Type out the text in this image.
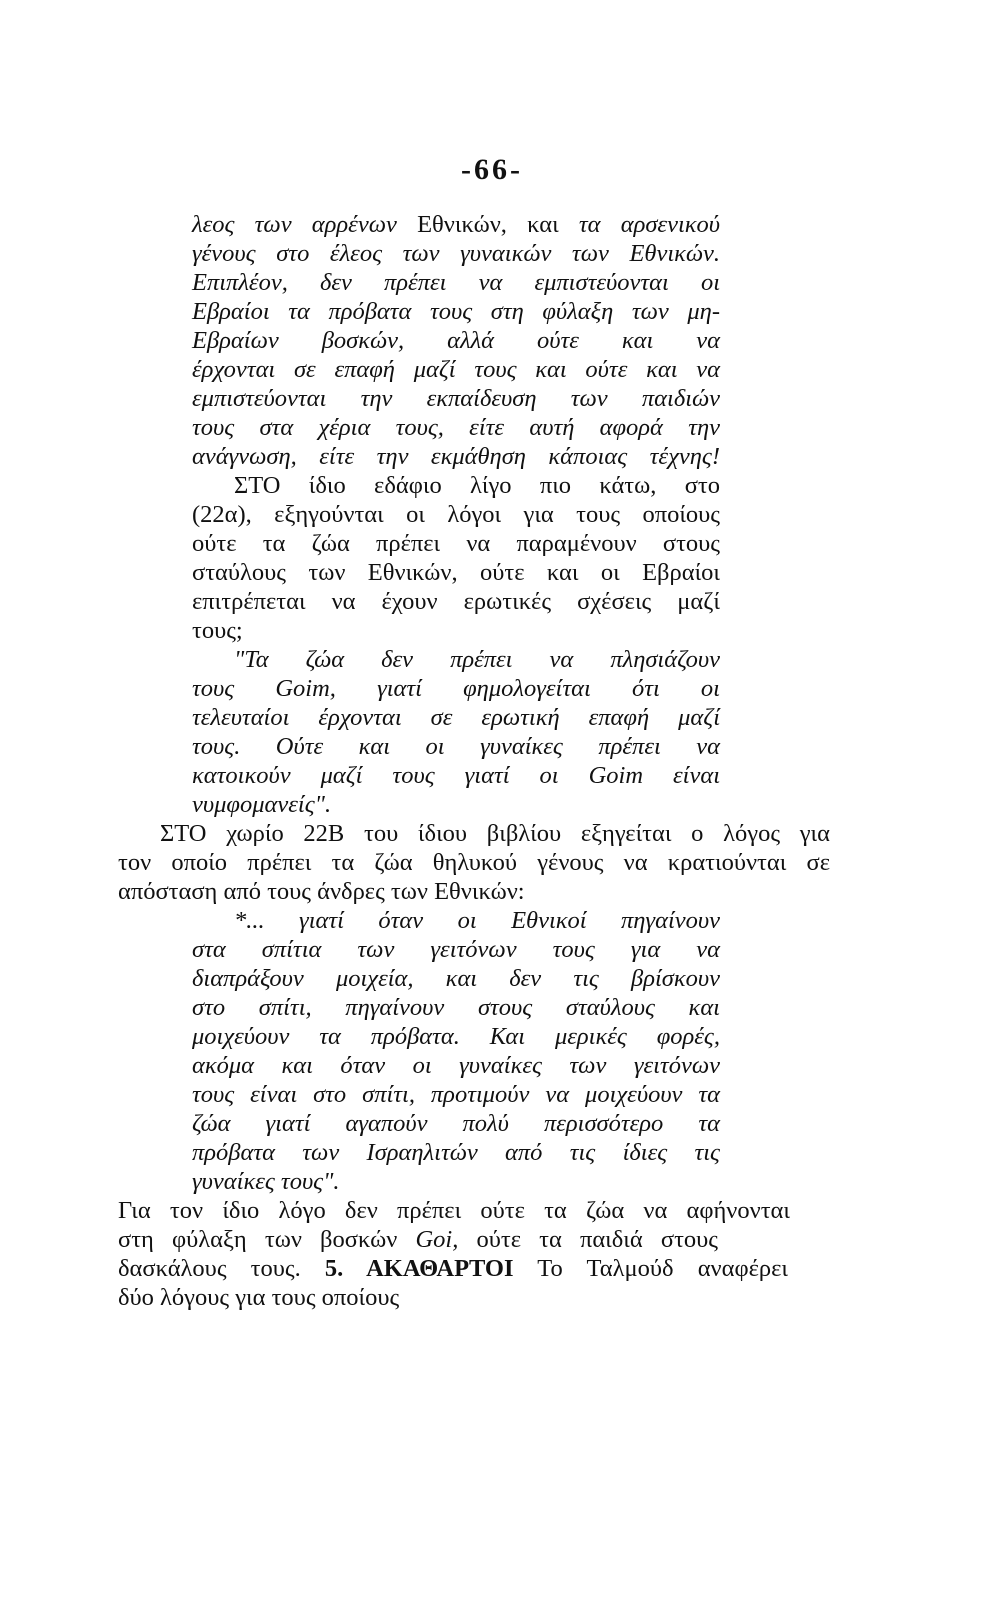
-66-
λεος των αρρένων Εθνικών, και τα αρσενικού
γένους στο έλεος των γυναικών των Εθνικών.
Επιπλέον, δεν πρέπει να εμπιστεύονται οι
Εβραίοι τα πρόβατα τους στη φύλαξη των μη-
Εβραίων βοσκών, αλλά ούτε και να
έρχονται σε επαφή μαζί τους και ούτε και να
εμπιστεύονται την εκπαίδευση των παιδιών
τους στα χέρια τους, είτε αυτή αφορά την
ανάγνωση, είτε την εκμάθηση κάποιας τέχνης!
ΣΤΟ ίδιο εδάφιο λίγο πιο κάτω, στο
(22α), εξηγούνται οι λόγοι για τους οποίους
ούτε τα ζώα πρέπει να παραμένουν στους
σταύλους των Εθνικών, ούτε και οι Εβραίοι
επιτρέπεται να έχουν ερωτικές σχέσεις μαζί
τους;
"Τα ζώα δεν πρέπει να πλησιάζουν
τους Goim, γιατί φημολογείται ότι οι
τελευταίοι έρχονται σε ερωτική επαφή μαζί
τους. Ούτε και οι γυναίκες πρέπει να
κατοικούν μαζί τους γιατί οι Goim είναι
νυμφομανείς".
ΣΤΟ χωρίο 22Β του ίδιου βιβλίου εξηγείται ο λόγος για
τον οποίο πρέπει τα ζώα θηλυκού γένους να κρατιούνται σε
απόσταση από τους άνδρες των Εθνικών:
*... γιατί όταν οι Εθνικοί πηγαίνουν
στα σπίτια των γειτόνων τους για να
διαπράξουν μοιχεία, και δεν τις βρίσκουν
στο σπίτι, πηγαίνουν στους σταύλους και
μοιχεύουν τα πρόβατα. Και μερικές φορές,
ακόμα και όταν οι γυναίκες των γειτόνων
τους είναι στο σπίτι, προτιμούν να μοιχεύουν τα
ζώα γιατί αγαπούν πολύ περισσότερο τα
πρόβατα των Ισραηλιτών από τις ίδιες τις
γυναίκες τους".
Για τον ίδιο λόγο δεν πρέπει ούτε τα ζώα να αφήνονται
στη φύλαξη των βοσκών Goi, ούτε τα παιδιά στους
δασκάλους τους. 5. ΑΚΑΘΑΡΤΟΙ Το Ταλμούδ αναφέρει
δύο λόγους για τους οποίους
